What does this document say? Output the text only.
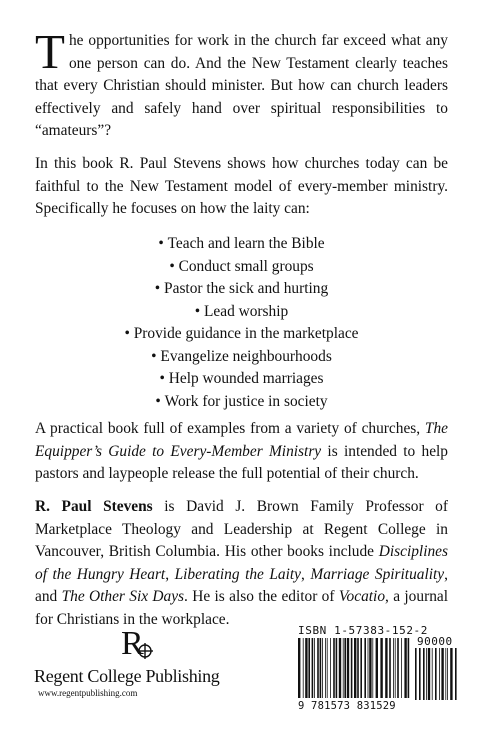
The opportunities for work in the church far exceed what any one person can do. And the New Testament clearly teaches that every Christian should minister. But how can church leaders effectively and safely hand over spiritual responsibilities to “amateurs”?

In this book R. Paul Stevens shows how churches today can be faithful to the New Testament model of every-member ministry. Specifically he focuses on how the laity can:

• Teach and learn the Bible
• Conduct small groups
• Pastor the sick and hurting
• Lead worship
• Provide guidance in the marketplace
• Evangelize neighbourhoods
• Help wounded marriages
• Work for justice in society

A practical book full of examples from a variety of churches, The Equipper’s Guide to Every-Member Ministry is intended to help pastors and laypeople release the full potential of their church.

R. Paul Stevens is David J. Brown Family Professor of Marketplace Theology and Leadership at Regent College in Vancouver, British Columbia. His other books include Disciplines of the Hungry Heart, Liberating the Laity, Marriage Spirituality, and The Other Six Days. He is also the editor of Vocatio, a journal for Christians in the workplace.

R
Regent College Publishing
www.regentpublishing.com
ISBN 1-57383-152-2
90000
9 781573 831529
